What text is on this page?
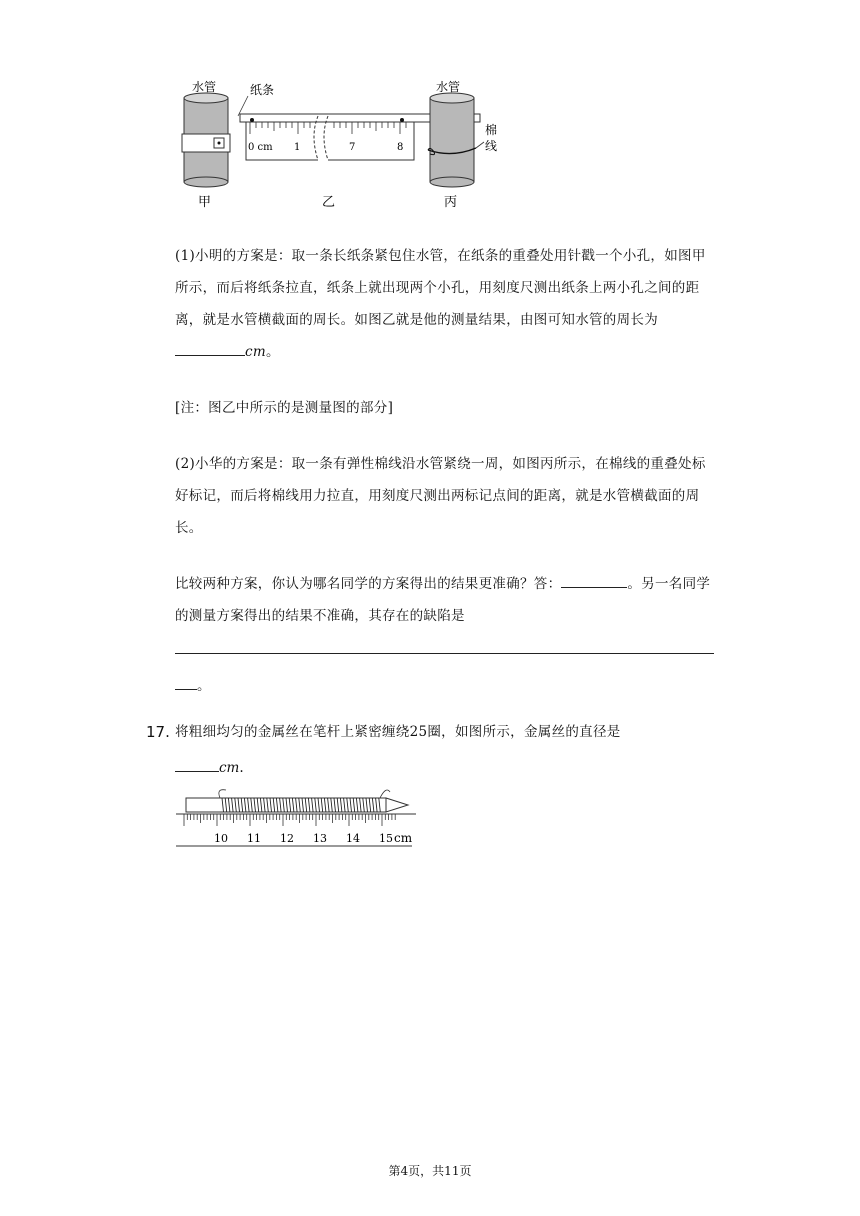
水管	纸条
0 cm 1	7	8
水管
棉
线
甲	乙	丙
(1)小明的方案是：取一条长纸条紧包住水管，在纸条的重叠处用针戳一个小孔，如图甲所示，而后将纸条拉直，纸条上就出现两个小孔，用刻度尺测出纸条上两小孔之间的距离，就是水管横截面的周长。如图乙就是他的测量结果，由图可知水管的周长为cm。
[注：图乙中所示的是测量图的部分]
(2)小华的方案是：取一条有弹性棉线沿水管紧绕一周，如图丙所示，在棉线的重叠处标好标记，而后将棉线用力拉直，用刻度尺测出两标记点间的距离，就是水管横截面的周长。
比较两种方案，你认为哪名同学的方案得出的结果更准确？答：	。另一名同学的测量方案得出的结果不准确，其存在的缺陷是
。
17. 将粗细均匀的金属丝在笔杆上紧密缠绕25圈，如图所示，金属丝的直径是
cm.
10 11 12 13 14 15 cm
第4页，共11页
